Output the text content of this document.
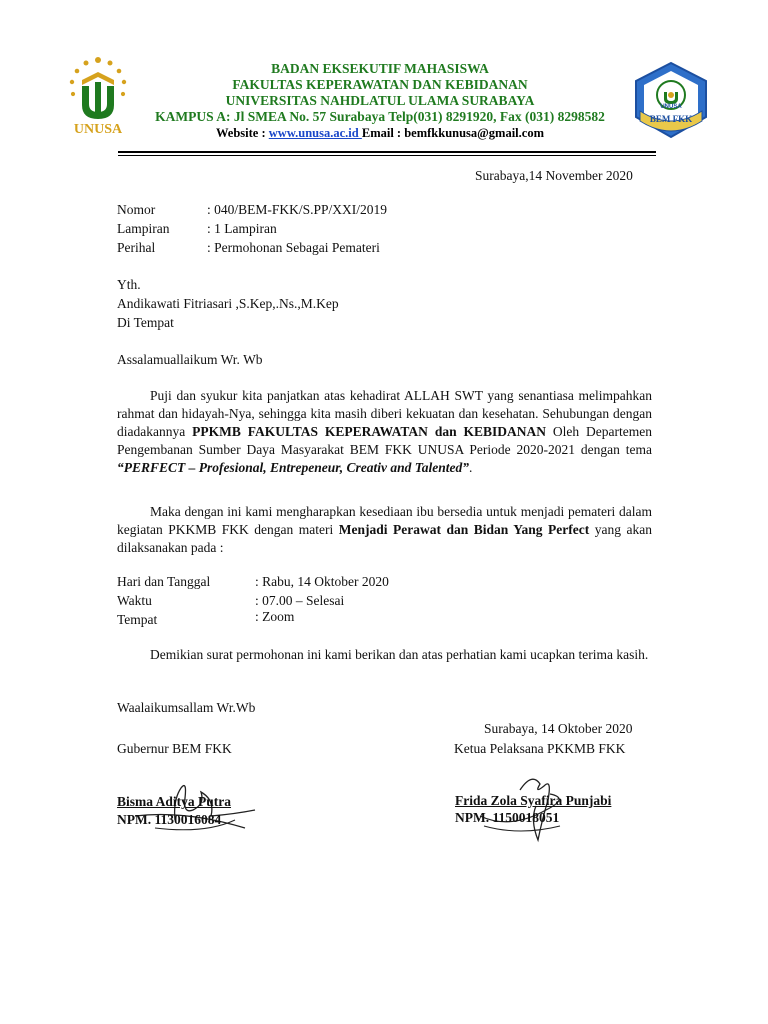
UNUSA
UNUSA
BEM FKK
BADAN EKSEKUTIF MAHASISWA
FAKULTAS KEPERAWATAN DAN KEBIDANAN
UNIVERSITAS NAHDLATUL ULAMA SURABAYA
KAMPUS A: Jl SMEA No. 57 Surabaya Telp(031) 8291920, Fax (031) 8298582
Website : www.unusa.ac.id Email : bemfkkunusa@gmail.com
Surabaya,14 November 2020
Nomor	: 040/BEM-FKK/S.PP/XXI/2019
Lampiran	: 1 Lampiran
Perihal	: Permohonan Sebagai Pemateri
Yth.
Andikawati Fitriasari ,S.Kep,.Ns.,M.Kep
Di Tempat
Assalamuallaikum Wr. Wb
Puji dan syukur kita panjatkan atas kehadirat ALLAH SWT yang senantiasa melimpahkan rahmat dan hidayah-Nya, sehingga kita masih diberi kekuatan dan kesehatan. Sehubungan dengan diadakannya PPKMB FAKULTAS KEPERAWATAN dan KEBIDANAN Oleh Departemen Pengembanan Sumber Daya Masyarakat BEM FKK UNUSA Periode 2020-2021 dengan tema “PERFECT – Profesional, Entrepeneur, Creativ and Talented”.
Maka dengan ini kami mengharapkan kesediaan ibu bersedia untuk menjadi pemateri dalam kegiatan PKKMB FKK dengan materi Menjadi Perawat dan Bidan Yang Perfect yang akan dilaksanakan pada :
Hari dan Tanggal	: Rabu, 14 Oktober 2020
Waktu	: 07.00 – Selesai
Tempat	: Zoom
Demikian surat permohonan ini kami berikan dan atas perhatian kami ucapkan terima kasih.
Waalaikumsallam Wr.Wb
Surabaya, 14 Oktober 2020
Gubernur BEM FKK	Ketua Pelaksana PKKMB FKK
Bisma Aditya Putra
NPM. 1130016084
Frida Zola Syafira Punjabi
NPM. 1150018051
